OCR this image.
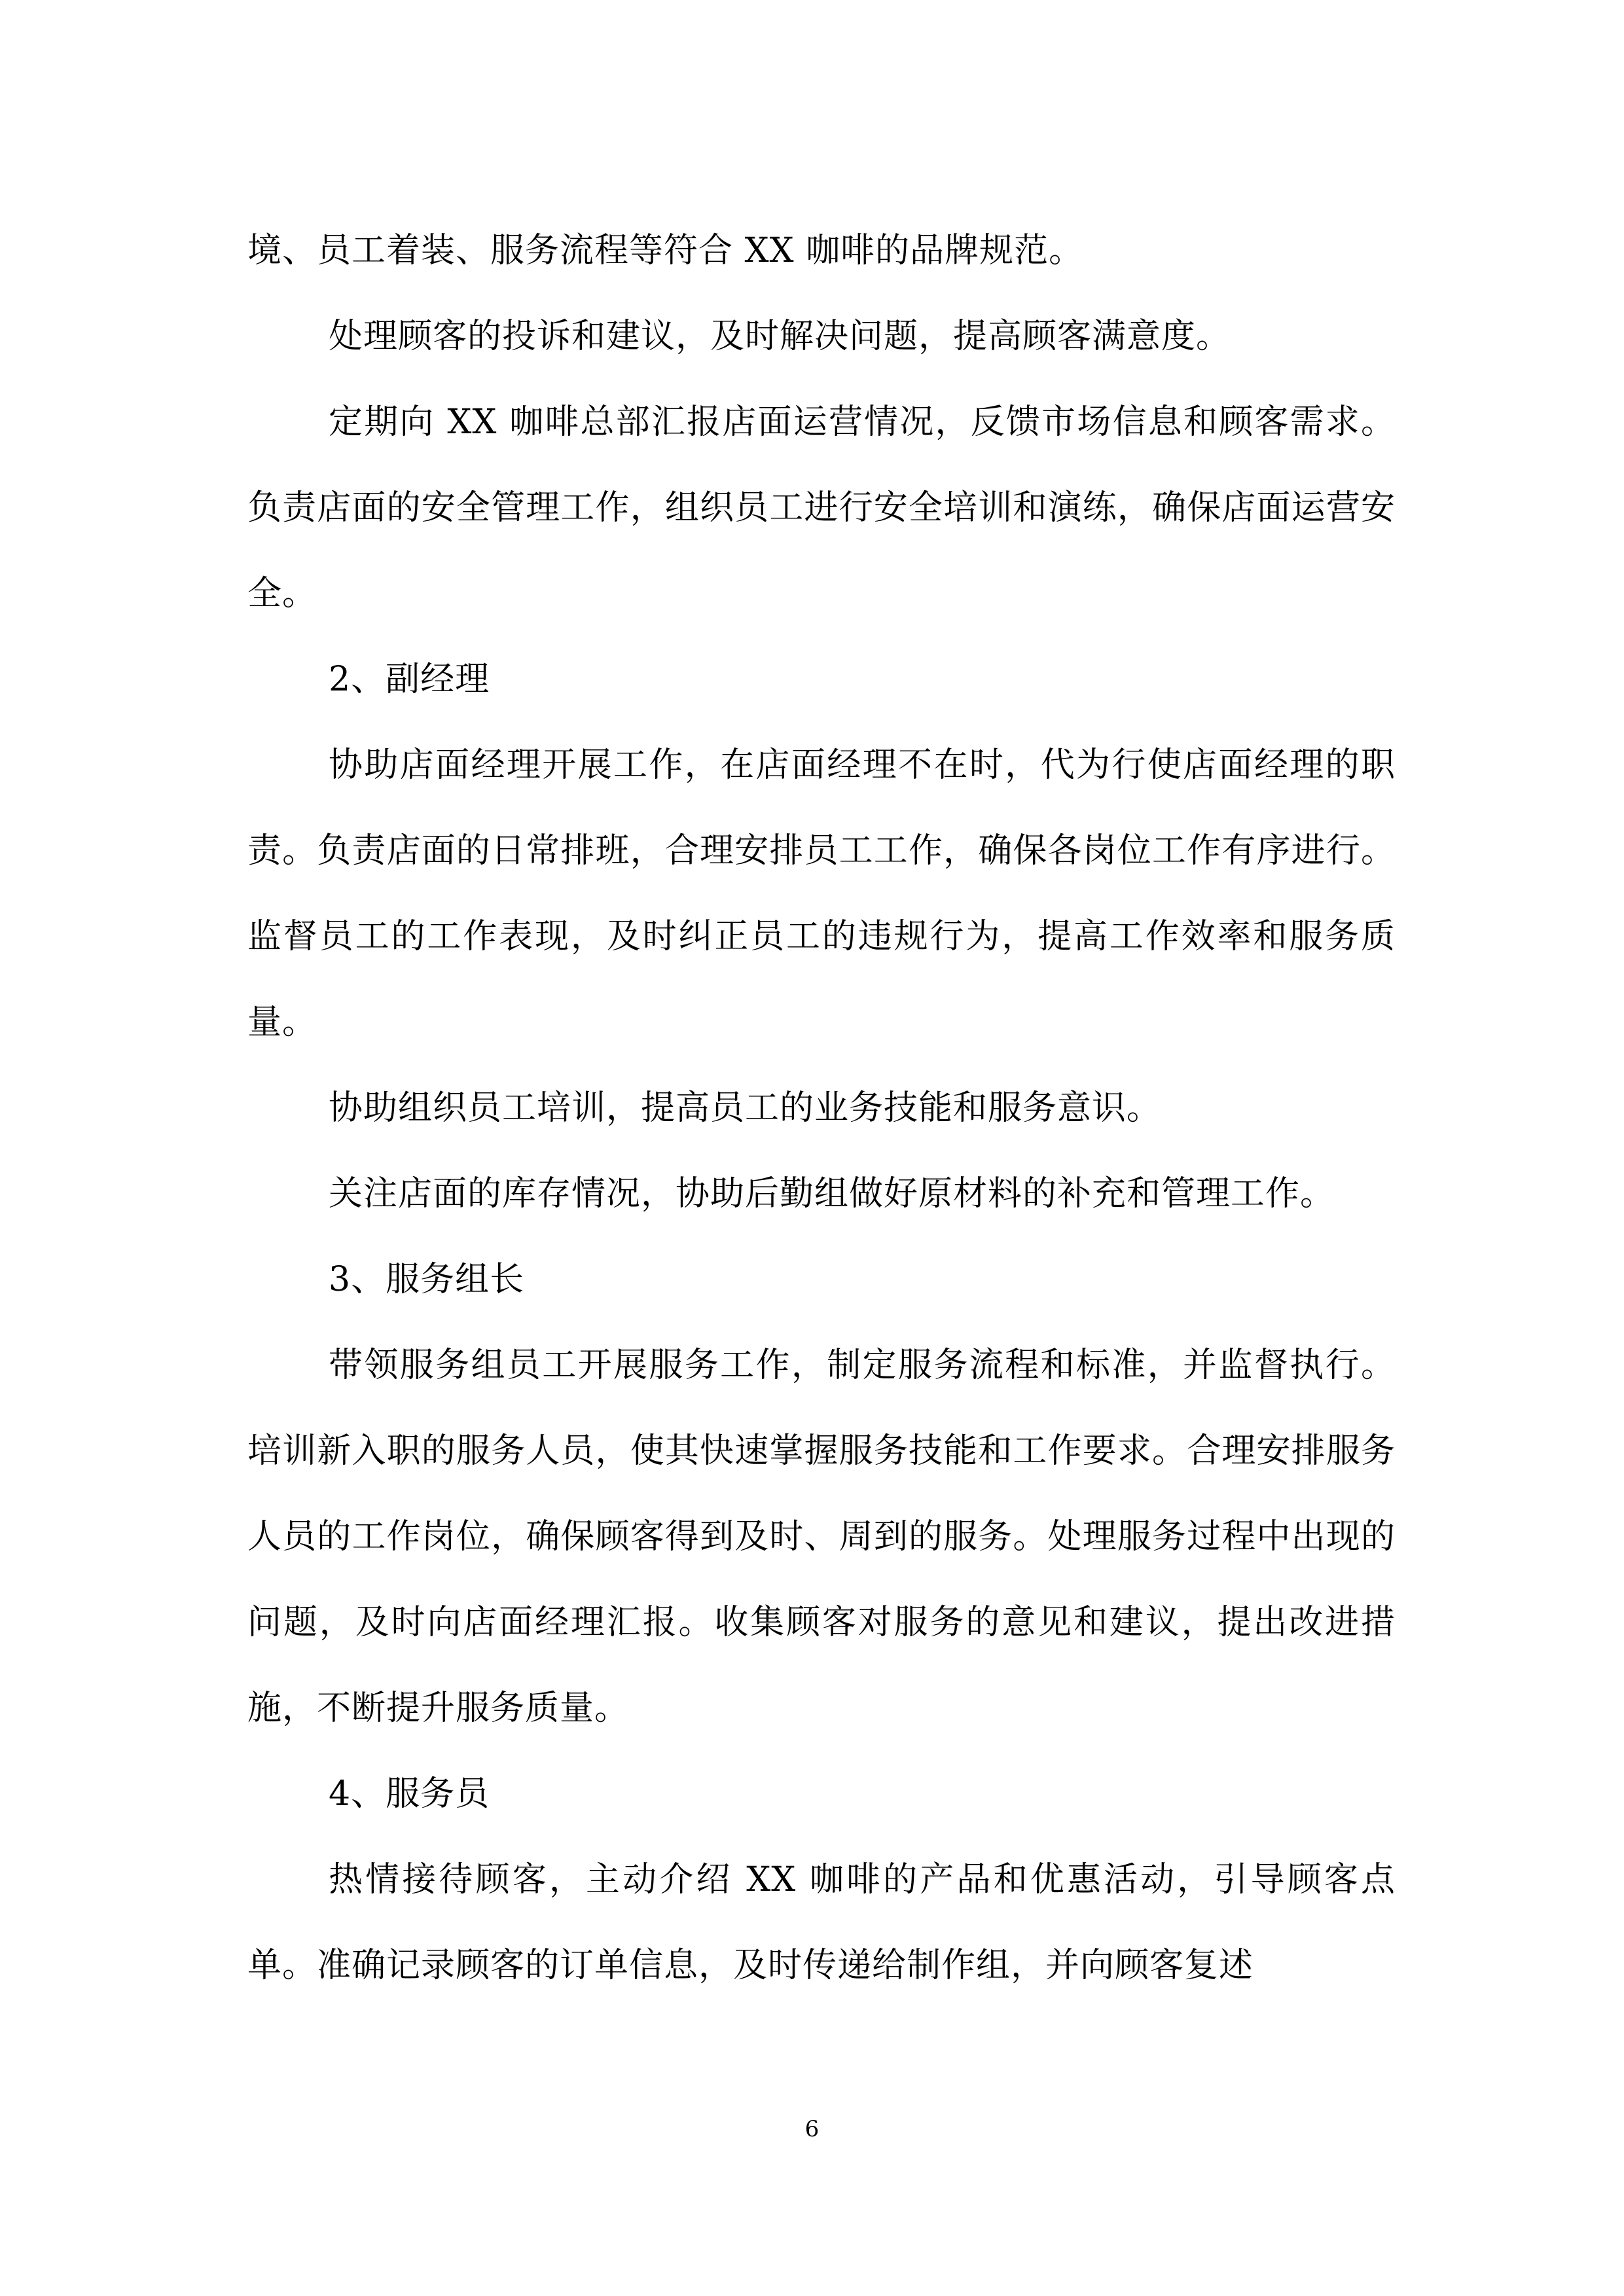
境、员工着装、服务流程等符合 XX 咖啡的品牌规范。

处理顾客的投诉和建议，及时解决问题，提高顾客满意度。

定期向 XX 咖啡总部汇报店面运营情况，反馈市场信息和顾客需求。负责店面的安全管理工作，组织员工进行安全培训和演练，确保店面运营安全。

2、副经理

协助店面经理开展工作，在店面经理不在时，代为行使店面经理的职责。负责店面的日常排班，合理安排员工工作，确保各岗位工作有序进行。监督员工的工作表现，及时纠正员工的违规行为，提高工作效率和服务质量。

协助组织员工培训，提高员工的业务技能和服务意识。

关注店面的库存情况，协助后勤组做好原材料的补充和管理工作。

3、服务组长

带领服务组员工开展服务工作，制定服务流程和标准，并监督执行。培训新入职的服务人员，使其快速掌握服务技能和工作要求。合理安排服务人员的工作岗位，确保顾客得到及时、周到的服务。处理服务过程中出现的问题，及时向店面经理汇报。收集顾客对服务的意见和建议，提出改进措施，不断提升服务质量。

4、服务员

热情接待顾客，主动介绍 XX 咖啡的产品和优惠活动，引导顾客点单。准确记录顾客的订单信息，及时传递给制作组，并向顾客复述

6
